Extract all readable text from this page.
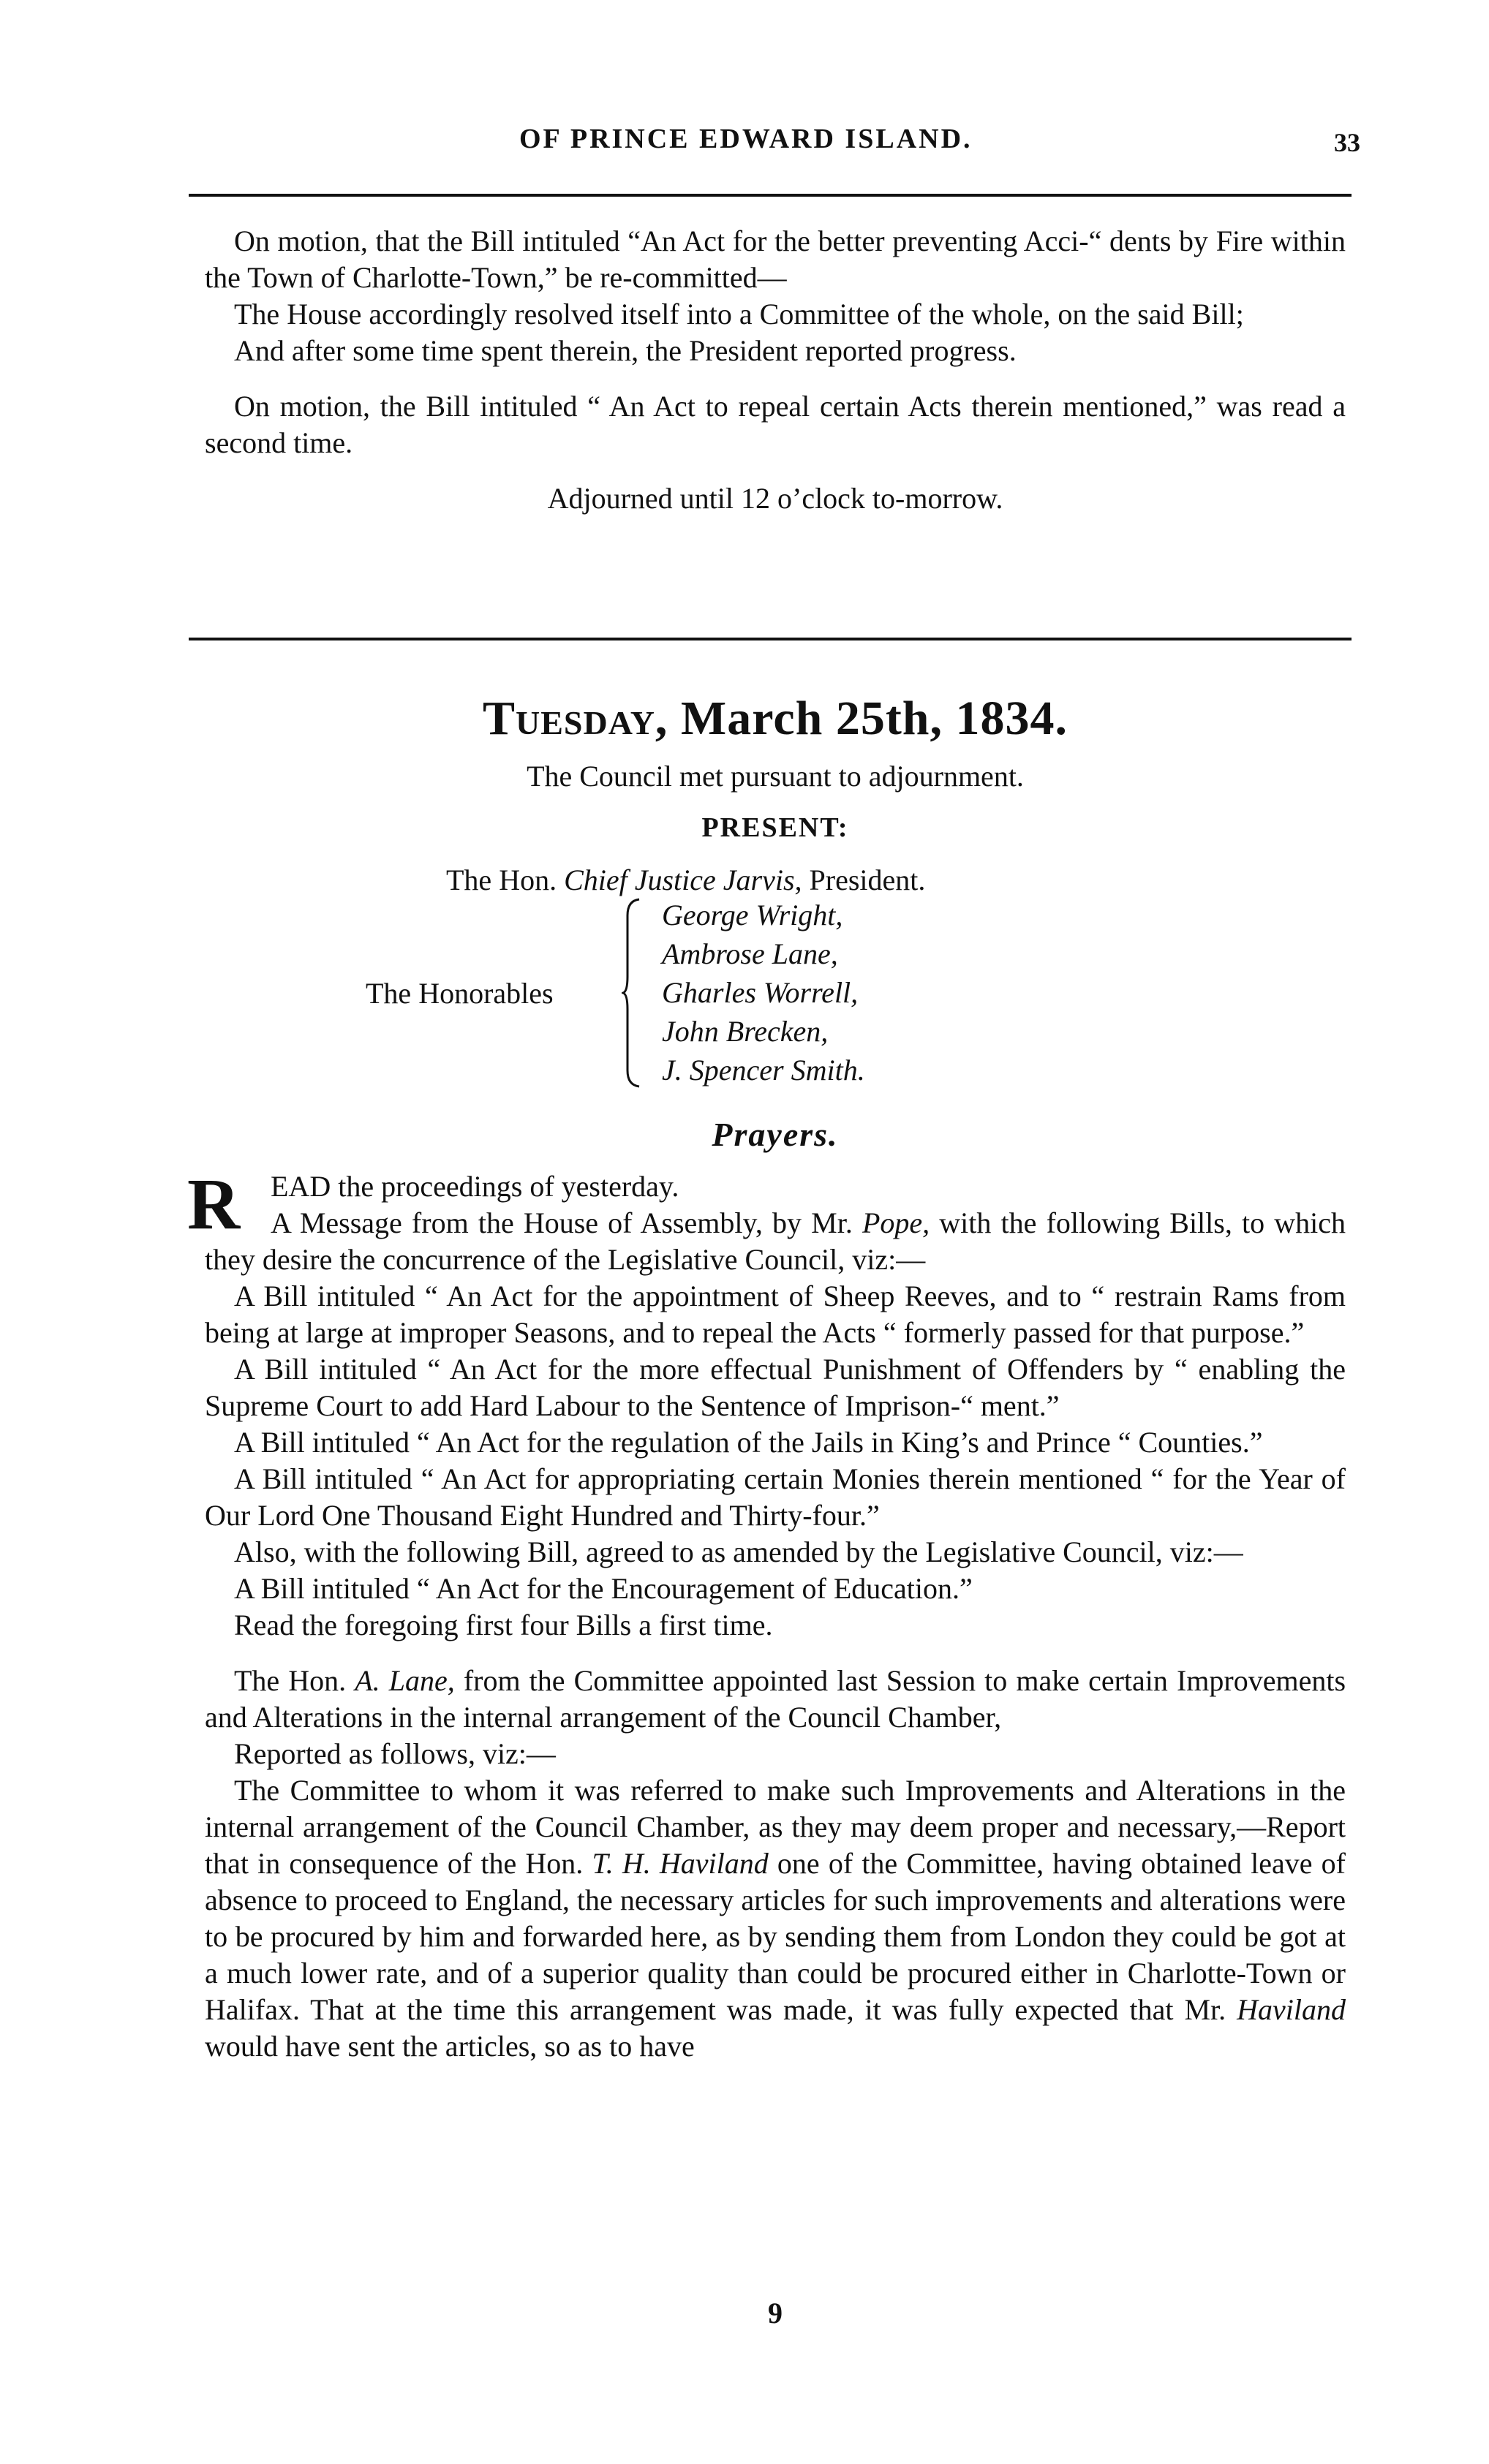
OF PRINCE EDWARD ISLAND.	33

On motion, that the Bill intituled “An Act for the better preventing Acci-“ dents by Fire within the Town of Charlotte-Town,” be re-committed—

The House accordingly resolved itself into a Committee of the whole, on the said Bill;

And after some time spent therein, the President reported progress.

On motion, the Bill intituled “ An Act to repeal certain Acts therein mentioned,” was read a second time.

Adjourned until 12 o’clock to-morrow.

Tuesday, March 25th, 1834.
The Council met pursuant to adjournment.
PRESENT:
The Hon. Chief Justice Jarvis, President.
The Honorables
George Wright,
Ambrose Lane,
Gharles Worrell,
John Brecken,
J. Spencer Smith.
Prayers.
R	EAD the proceedings of yesterday.

A Message from the House of Assembly, by Mr. Pope, with the following Bills, to which they desire the concurrence of the Legislative Council, viz:—

A Bill intituled “ An Act for the appointment of Sheep Reeves, and to “ restrain Rams from being at large at improper Seasons, and to repeal the Acts “ formerly passed for that purpose.”

A Bill intituled “ An Act for the more effectual Punishment of Offenders by “ enabling the Supreme Court to add Hard Labour to the Sentence of Imprison-“ ment.”

A Bill intituled “ An Act for the regulation of the Jails in King’s and Prince “ Counties.”

A Bill intituled “ An Act for appropriating certain Monies therein mentioned “ for the Year of Our Lord One Thousand Eight Hundred and Thirty-four.”

Also, with the following Bill, agreed to as amended by the Legislative Council, viz:—

A Bill intituled “ An Act for the Encouragement of Education.”

Read the foregoing first four Bills a first time.

The Hon. A. Lane, from the Committee appointed last Session to make certain Improvements and Alterations in the internal arrangement of the Council Chamber,

Reported as follows, viz:—

The Committee to whom it was referred to make such Improvements and Alterations in the internal arrangement of the Council Chamber, as they may deem proper and necessary,—Report that in consequence of the Hon. T. H. Haviland one of the Committee, having obtained leave of absence to proceed to England, the necessary articles for such improvements and alterations were to be procured by him and forwarded here, as by sending them from London they could be got at a much lower rate, and of a superior quality than could be procured either in Charlotte-Town or Halifax. That at the time this arrangement was made, it was fully expected that Mr. Haviland would have sent the articles, so as to have

9
